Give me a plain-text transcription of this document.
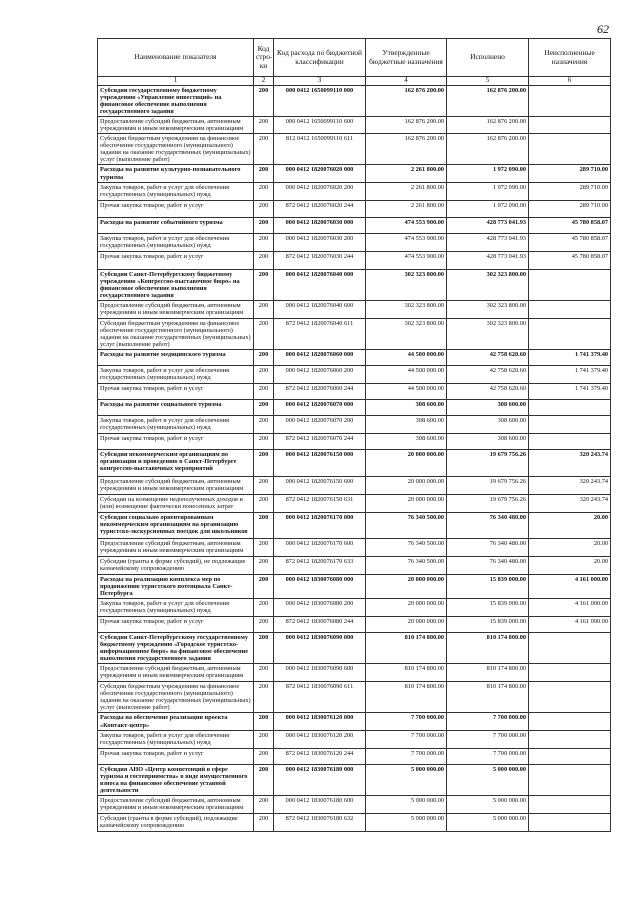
62
Наименование показателя	Код стро-ки	Код расхода по бюджетной классификации	Утвержденные бюджетные назначения	Исполнено	Неисполненные назначения
1	2	3	4	5	6
Субсидии государственному бюджетному учреждению «Управление инвестиций» на финансовое обеспечение выполнения государственного задания	200	000 0412 1650099110 000	162 876 200.00	162 876 200.00	
Предоставление субсидий бюджетным, автономным учреждениям и иным некоммерческим организациям	200	000 0412 1650099110 600	162 876 200.00	162 876 200.00	
Субсидии бюджетным учреждениям на финансовое обеспечение государственного (муниципального) задания на оказание государственных (муниципальных) услуг (выполнение работ)	200	812 0412 1650099110 611	162 876 200.00	162 876 200.00	
Расходы на развитие культурно-познавательного туризма	200	000 0412 1820076020 000	2 261 800.00	1 972 090.00	289 710.00
Закупка товаров, работ и услуг для обеспечения государственных (муниципальных) нужд	200	000 0412 1820076020 200	2 261 800.00	1 972 090.00	289 710.00
Прочая закупка товаров, работ и услуг	200	872 0412 1820076020 244	2 261 800.00	1 972 090.00	289 710.00
Расходы на развитие событийного туризма	200	000 0412 1820076030 000	474 553 900.00	428 773 041.93	45 780 858.07
Закупка товаров, работ и услуг для обеспечения государственных (муниципальных) нужд	200	000 0412 1820076030 200	474 553 900.00	428 773 041.93	45 780 858.07
Прочая закупка товаров, работ и услуг	200	872 0412 1820076030 244	474 553 900.00	428 773 041.93	45 780 858.07
Субсидии Санкт-Петербургскому бюджетному учреждению «Конгрессно-выставочное бюро» на финансовое обеспечение выполнения государственного задания	200	000 0412 1820076040 000	302 323 800.00	302 323 800.00	
Предоставление субсидий бюджетным, автономным учреждениям и иным некоммерческим организациям	200	000 0412 1820076040 600	302 323 800.00	302 323 800.00	
Субсидии бюджетным учреждениям на финансовое обеспечение государственного (муниципального) задания на оказание государственных (муниципальных) услуг (выполнение работ)	200	872 0412 1820076040 611	302 323 800.00	302 323 800.00	
Расходы на развитие медицинского туризма	200	000 0412 1820076060 000	44 500 000.00	42 758 620.60	1 741 379.40
Закупка товаров, работ и услуг для обеспечения государственных (муниципальных) нужд	200	000 0412 1820076060 200	44 500 000.00	42 758 620.60	1 741 379.40
Прочая закупка товаров, работ и услуг	200	872 0412 1820076060 244	44 500 000.00	42 758 620.60	1 741 379.40
Расходы на развитие социального туризма	200	000 0412 1820076070 000	308 600.00	308 600.00	
Закупка товаров, работ и услуг для обеспечения государственных (муниципальных) нужд	200	000 0412 1820076070 200	308 600.00	308 600.00	
Прочая закупка товаров, работ и услуг	200	872 0412 1820076070 244	308 600.00	308 600.00	
Субсидии некоммерческим организациям по организации и проведению в Санкт-Петербурге конгрессно-выставочных мероприятий	200	000 0412 1820076150 000	20 000 000.00	19 679 756.26	320 243.74
Предоставление субсидий бюджетным, автономным учреждениям и иным некоммерческим организациям	200	000 0412 1820076150 600	20 000 000.00	19 679 756.26	320 243.74
Субсидии на возмещение недополученных доходов и (или) возмещение фактически понесенных затрат	200	872 0412 1820076150 631	20 000 000.00	19 679 756.26	320 243.74
Субсидия социально ориентированным некоммерческим организациям на организацию туристско-экскурсионных поездок для школьников	200	000 0412 1820076170 000	76 340 500.00	76 340 480.00	20.00
Предоставление субсидий бюджетным, автономным учреждениям и иным некоммерческим организациям	200	000 0412 1820076170 600	76 340 500.00	76 340 480.00	20.00
Субсидии (гранты в форме субсидий), не подлежащие казначейскому сопровождению	200	872 0412 1820076170 633	76 340 500.00	76 340 480.00	20.00
Расходы на реализацию комплекса мер по продвижению туристского потенциала Санкт-Петербурга	200	000 0412 1830076080 000	20 000 000.00	15 839 000.00	4 161 000.00
Закупка товаров, работ и услуг для обеспечения государственных (муниципальных) нужд	200	000 0412 1830076080 200	20 000 000.00	15 839 000.00	4 161 000.00
Прочая закупка товаров, работ и услуг	200	872 0412 1830076080 244	20 000 000.00	15 839 000.00	4 161 000.00
Субсидии Санкт-Петербургскому государственному бюджетному учреждению «Городское туристско-информационное бюро» на финансовое обеспечение выполнения государственного задания	200	000 0412 1830076090 000	810 174 800.00	810 174 800.00	
Предоставление субсидий бюджетным, автономным учреждениям и иным некоммерческим организациям	200	000 0412 1830076090 600	810 174 800.00	810 174 800.00	
Субсидии бюджетным учреждениям на финансовое обеспечение государственного (муниципального) задания на оказание государственных (муниципальных) услуг (выполнение работ)	200	872 0412 1830076090 611	810 174 800.00	810 174 800.00	
Расходы на обеспечение реализации проекта «Контакт-центр»	200	000 0412 1830076120 000	7 700 000.00	7 700 000.00	
Закупка товаров, работ и услуг для обеспечения государственных (муниципальных) нужд	200	000 0412 1830076120 200	7 700 000.00	7 700 000.00	
Прочая закупка товаров, работ и услуг	200	872 0412 1830076120 244	7 700 000.00	7 700 000.00	
Субсидия АНО «Центр компетенций в сфере туризма и гостеприимства» в виде имущественного взноса на финансовое обеспечение уставной деятельности	200	000 0412 1830076180 000	5 000 000.00	5 000 000.00	
Предоставление субсидий бюджетным, автономным учреждениям и иным некоммерческим организациям	200	000 0412 1830076180 600	5 000 000.00	5 000 000.00	
Субсидии (гранты в форме субсидий), подлежащие казначейскому сопровождению	200	872 0412 1830076180 632	5 000 000.00	5 000 000.00	
